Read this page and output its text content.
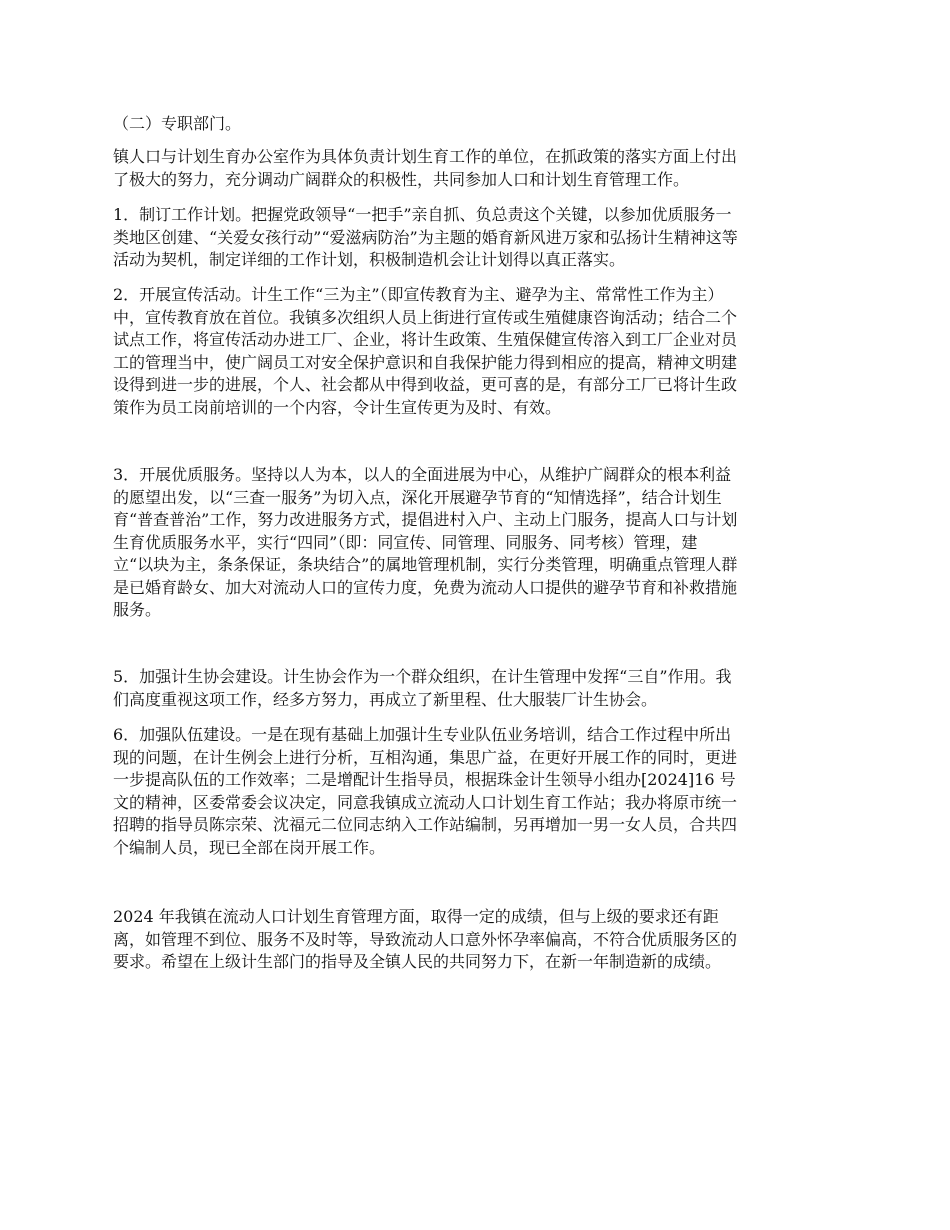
（二）专职部门。

镇人口与计划生育办公室作为具体负责计划生育工作的单位，在抓政策的落实方面上付出
了极大的努力，充分调动广阔群众的积极性，共同参加人口和计划生育管理工作。

1．制订工作计划。把握党政领导“一把手”亲自抓、负总责这个关键，以参加优质服务一
类地区创建、“关爱女孩行动”“爱滋病防治”为主题的婚育新风进万家和弘扬计生精神这等
活动为契机，制定详细的工作计划，积极制造机会让计划得以真正落实。

2．开展宣传活动。计生工作“三为主”（即宣传教育为主、避孕为主、常常性工作为主）
中，宣传教育放在首位。我镇多次组织人员上街进行宣传或生殖健康咨询活动；结合二个
试点工作，将宣传活动办进工厂、企业，将计生政策、生殖保健宣传溶入到工厂企业对员
工的管理当中，使广阔员工对安全保护意识和自我保护能力得到相应的提高，精神文明建
设得到进一步的进展，个人、社会都从中得到收益，更可喜的是，有部分工厂已将计生政
策作为员工岗前培训的一个内容，令计生宣传更为及时、有效。

3．开展优质服务。坚持以人为本，以人的全面进展为中心，从维护广阔群众的根本利益
的愿望出发，以“三查一服务”为切入点，深化开展避孕节育的“知情选择”，结合计划生
育“普查普治”工作，努力改进服务方式，提倡进村入户、主动上门服务，提高人口与计划
生育优质服务水平，实行“四同”（即：同宣传、同管理、同服务、同考核）管理，建
立“以块为主，条条保证，条块结合”的属地管理机制，实行分类管理，明确重点管理人群
是已婚育龄女、加大对流动人口的宣传力度，免费为流动人口提供的避孕节育和补救措施
服务。

5．加强计生协会建设。计生协会作为一个群众组织，在计生管理中发挥“三自”作用。我
们高度重视这项工作，经多方努力，再成立了新里程、仕大服装厂计生协会。

6．加强队伍建设。一是在现有基础上加强计生专业队伍业务培训，结合工作过程中所出
现的问题，在计生例会上进行分析，互相沟通，集思广益，在更好开展工作的同时，更进
一步提高队伍的工作效率；二是增配计生指导员，根据珠金计生领导小组办[2024]16 号
文的精神，区委常委会议决定，同意我镇成立流动人口计划生育工作站；我办将原市统一
招聘的指导员陈宗荣、沈福元二位同志纳入工作站编制，另再增加一男一女人员，合共四
个编制人员，现已全部在岗开展工作。

2024 年我镇在流动人口计划生育管理方面，取得一定的成绩，但与上级的要求还有距
离，如管理不到位、服务不及时等，导致流动人口意外怀孕率偏高，不符合优质服务区的
要求。希望在上级计生部门的指导及全镇人民的共同努力下，在新一年制造新的成绩。
